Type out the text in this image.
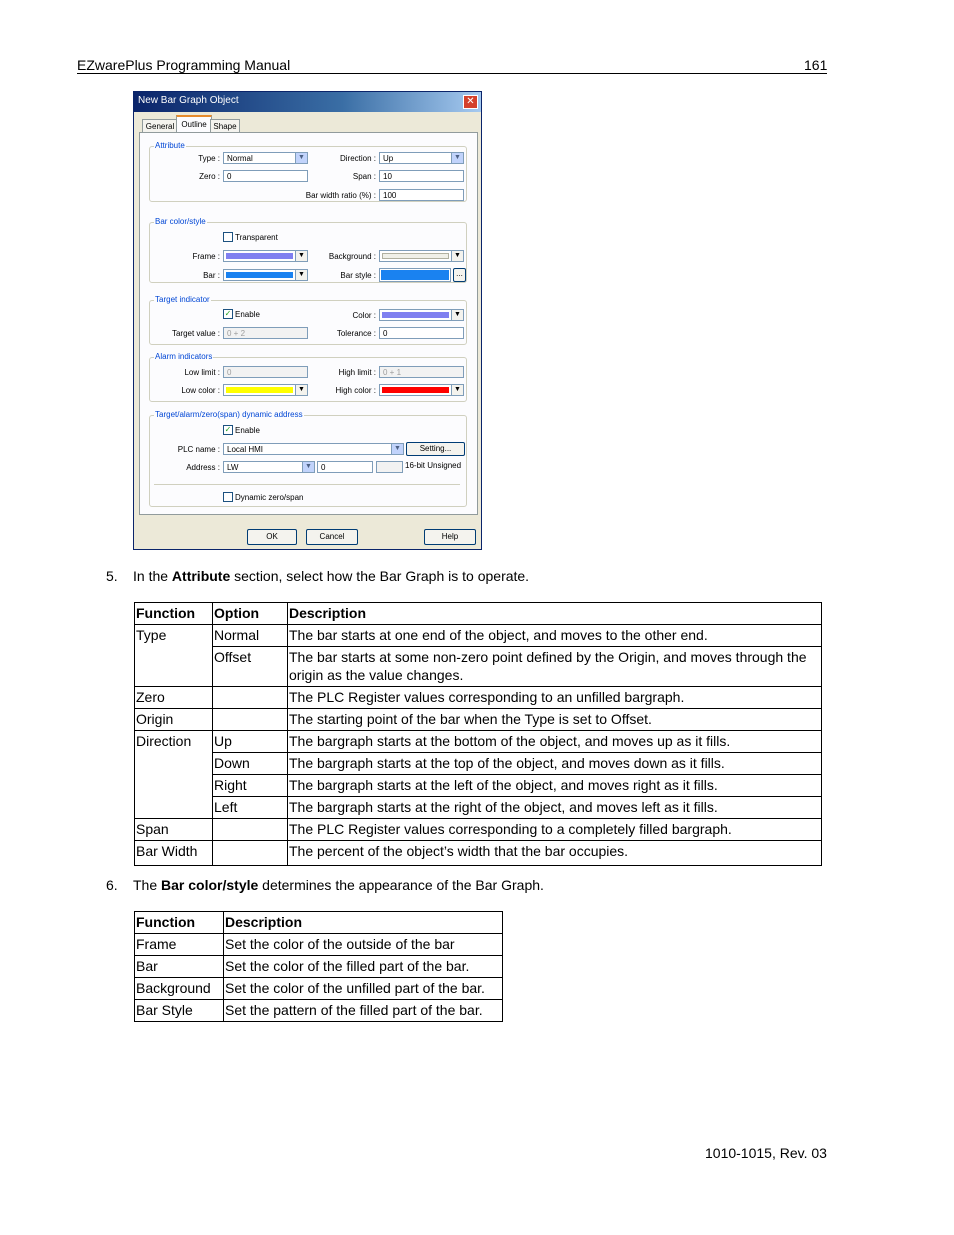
EZwarePlus Programming Manual	161
New Bar Graph Object	✕
General Outline Shape
Attribute
Type : Normal	▼	Direction : Up	▼
Zero : 0	Span : 10
Bar width ratio (%) : 100
Bar color/style
Transparent
Frame :	▼	Background :	▼
Bar :	▼	Bar style :	...
Target indicator
✓ Enable	Color :	▼
Target value : 0 + 2	Tolerance : 0
Alarm indicators
Low limit : 0	High limit : 0 + 1
Low color :	▼	High color :	▼
Target/alarm/zero(span) dynamic address
✓ Enable
PLC name : Local HMI	▼	Setting...
Address : LW	▼	0	16-bit Unsigned
Dynamic zero/span
OK	Cancel	Help
5. In the Attribute section, select how the Bar Graph is to operate.
Function	Option	Description
Type	Normal	The bar starts at one end of the object, and moves to the other end.
	Offset	The bar starts at some non-zero point defined by the Origin, and moves through the origin as the value changes.
Zero		The PLC Register values corresponding to an unfilled bargraph.
Origin		The starting point of the bar when the Type is set to Offset.
Direction	Up	The bargraph starts at the bottom of the object, and moves up as it fills.
	Down	The bargraph starts at the top of the object, and moves down as it fills.
	Right	The bargraph starts at the left of the object, and moves right as it fills.
	Left	The bargraph starts at the right of the object, and moves left as it fills.
Span		The PLC Register values corresponding to a completely filled bargraph.
Bar Width		The percent of the object’s width that the bar occupies.
6. The Bar color/style determines the appearance of the Bar Graph.
Function	Description
Frame	Set the color of the outside of the bar
Bar	Set the color of the filled part of the bar.
Background	Set the color of the unfilled part of the bar.
Bar Style	Set the pattern of the filled part of the bar.
1010-1015, Rev. 03
